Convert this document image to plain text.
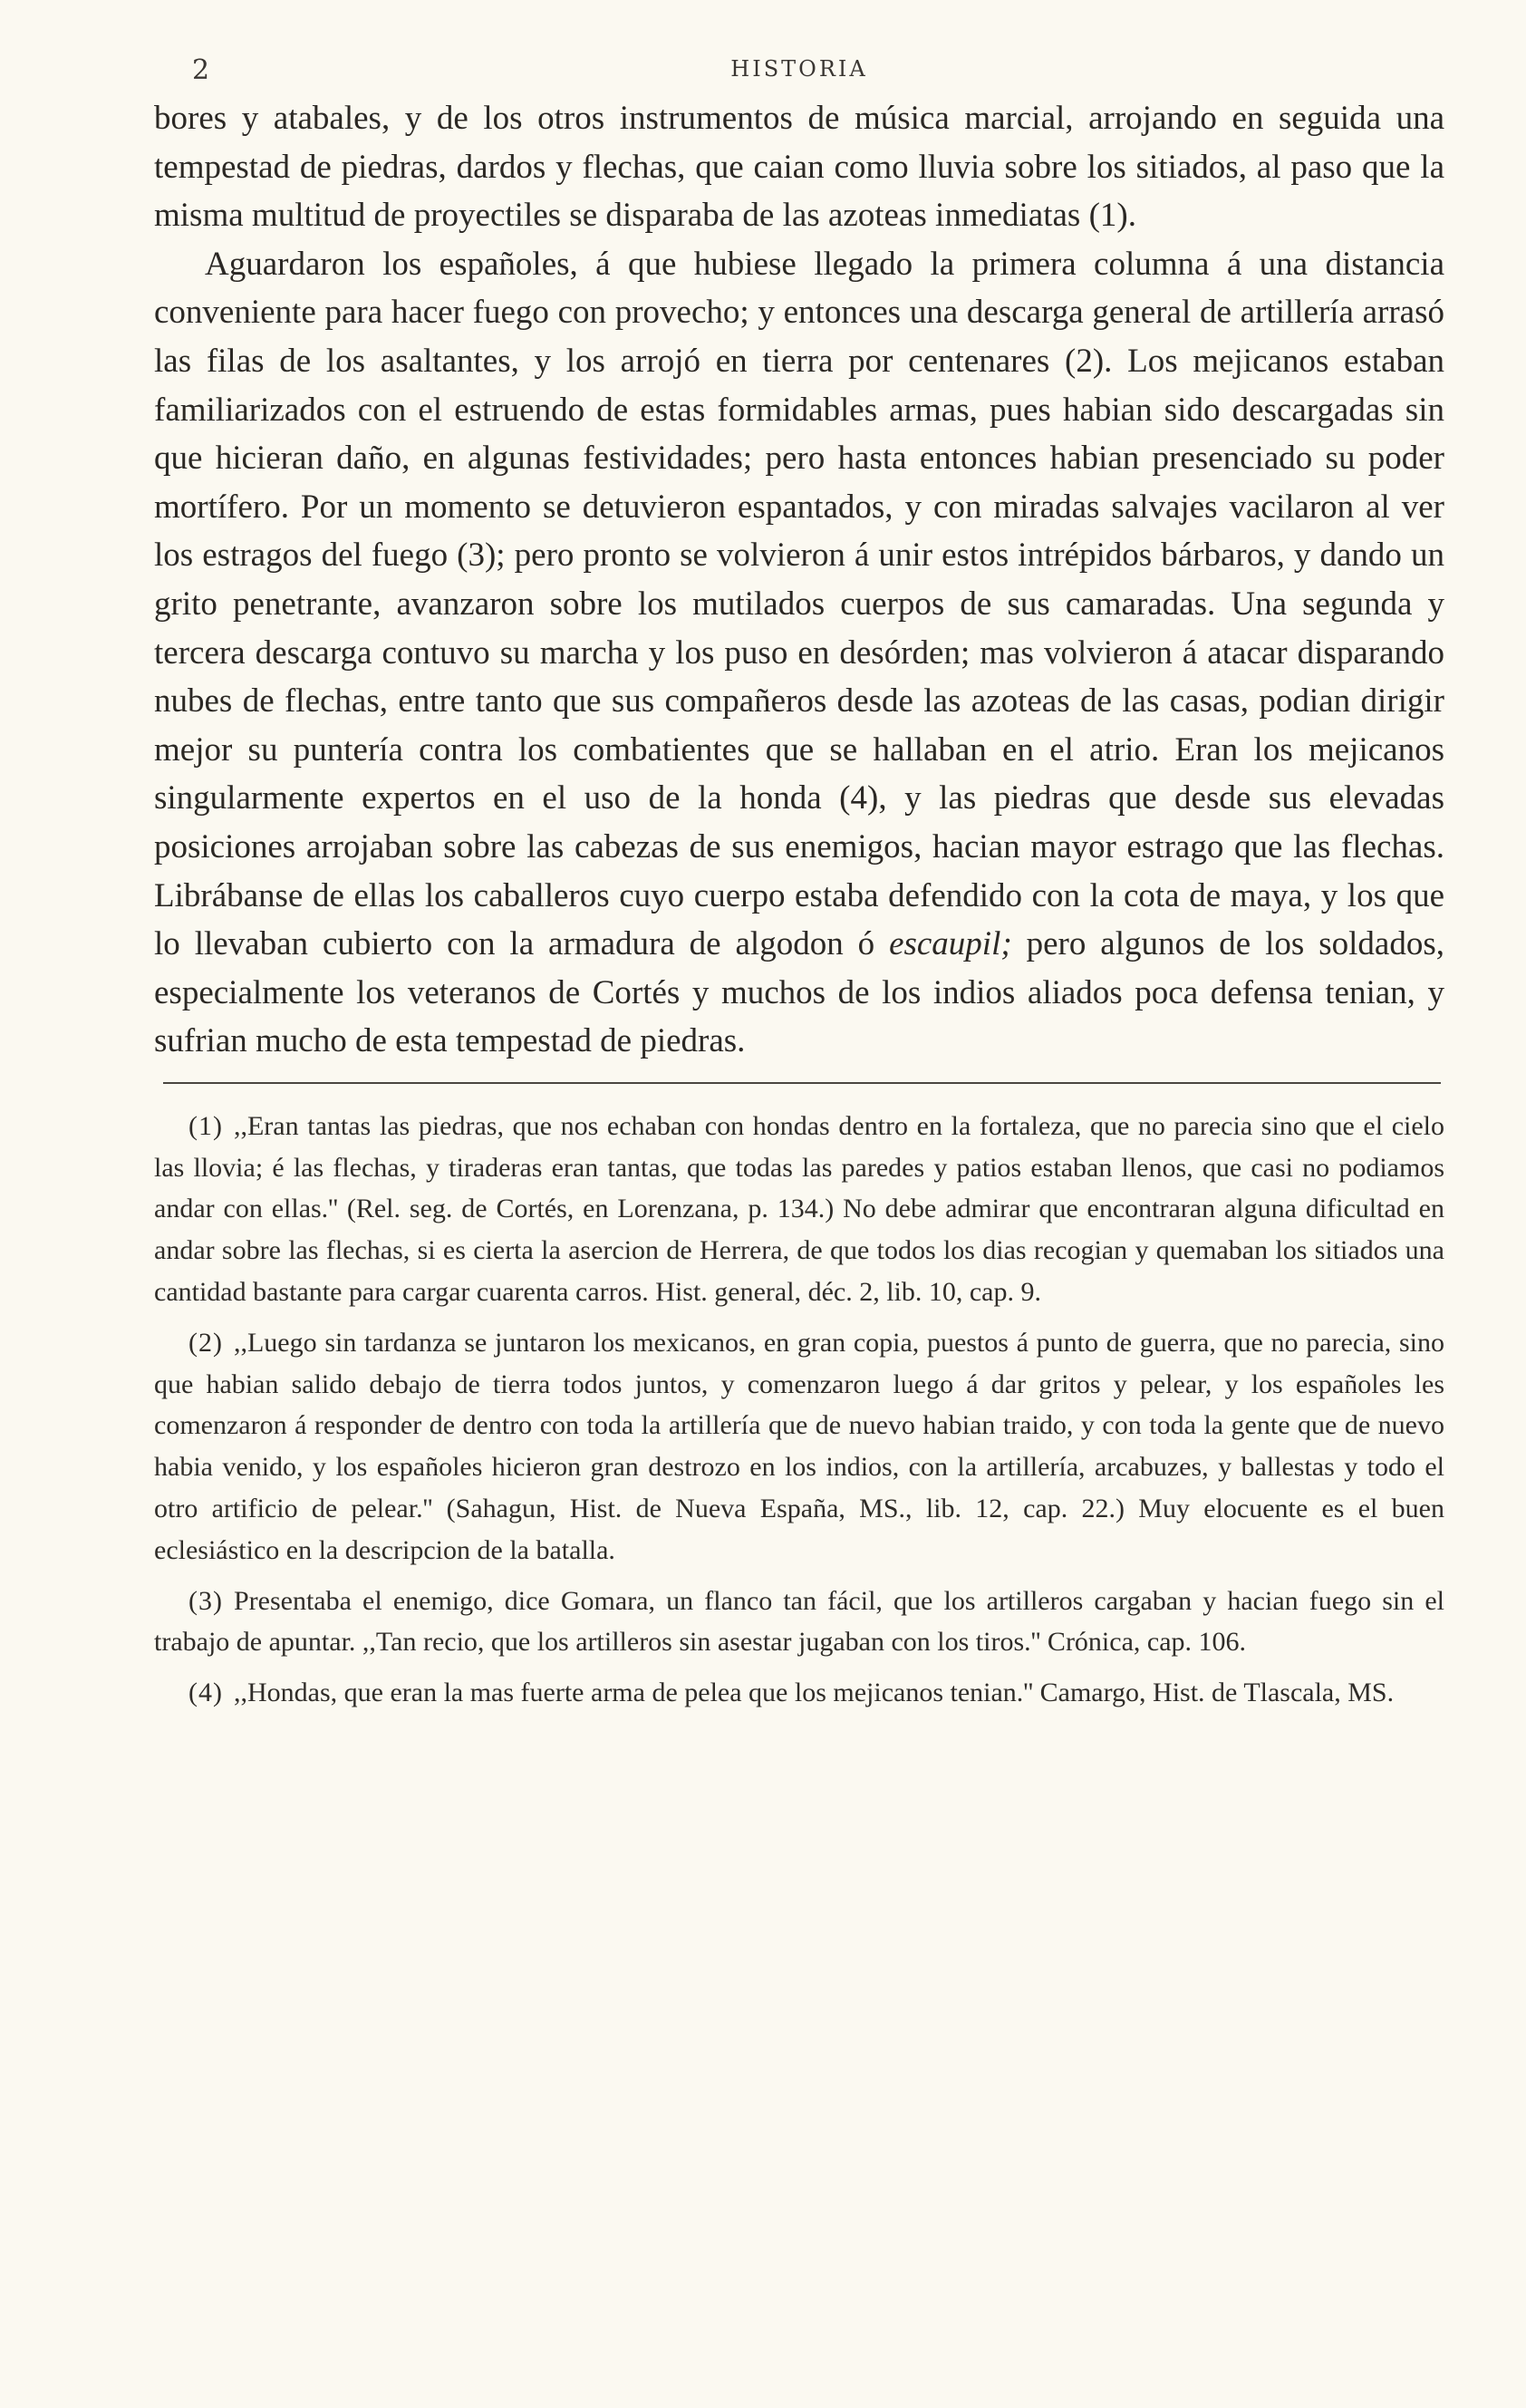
2	HISTORIA

bores y atabales, y de los otros instrumentos de música marcial, arrojando en seguida una tempestad de piedras, dardos y flechas, que caian como lluvia sobre los sitiados, al paso que la misma multitud de proyectiles se disparaba de las azoteas inmediatas (1).

Aguardaron los españoles, á que hubiese llegado la primera columna á una distancia conveniente para hacer fuego con provecho; y entonces una descarga general de artillería arrasó las filas de los asaltantes, y los arrojó en tierra por centenares (2). Los mejicanos estaban familiarizados con el estruendo de estas formidables armas, pues habian sido descargadas sin que hicieran daño, en algunas festividades; pero hasta entonces habian presenciado su poder mortífero. Por un momento se detuvieron espantados, y con miradas salvajes vacilaron al ver los estragos del fuego (3); pero pronto se volvieron á unir estos intrépidos bárbaros, y dando un grito penetrante, avanzaron sobre los mutilados cuerpos de sus camaradas. Una segunda y tercera descarga contuvo su marcha y los puso en desórden; mas volvieron á atacar disparando nubes de flechas, entre tanto que sus compañeros desde las azoteas de las casas, podian dirigir mejor su puntería contra los combatientes que se hallaban en el atrio. Eran los mejicanos singularmente expertos en el uso de la honda (4), y las piedras que desde sus elevadas posiciones arrojaban sobre las cabezas de sus enemigos, hacian mayor estrago que las flechas. Librábanse de ellas los caballeros cuyo cuerpo estaba defendido con la cota de maya, y los que lo llevaban cubierto con la armadura de algodon ó escaupil; pero algunos de los soldados, especialmente los veteranos de Cortés y muchos de los indios aliados poca defensa tenian, y sufrian mucho de esta tempestad de piedras.

(1) ,,Eran tantas las piedras, que nos echaban con hondas dentro en la fortaleza, que no parecia sino que el cielo las llovia; é las flechas, y tiraderas eran tantas, que todas las paredes y patios estaban llenos, que casi no podiamos andar con ellas.'' (Rel. seg. de Cortés, en Lorenzana, p. 134.) No debe admirar que encontraran alguna dificultad en andar sobre las flechas, si es cierta la asercion de Herrera, de que todos los dias recogian y quemaban los sitiados una cantidad bastante para cargar cuarenta carros. Hist. general, déc. 2, lib. 10, cap. 9.

(2) ,,Luego sin tardanza se juntaron los mexicanos, en gran copia, puestos á punto de guerra, que no parecia, sino que habian salido debajo de tierra todos juntos, y comenzaron luego á dar gritos y pelear, y los españoles les comenzaron á responder de dentro con toda la artillería que de nuevo habian traido, y con toda la gente que de nuevo habia venido, y los españoles hicieron gran destrozo en los indios, con la artillería, arcabuzes, y ballestas y todo el otro artificio de pelear.'' (Sahagun, Hist. de Nueva España, MS., lib. 12, cap. 22.) Muy elocuente es el buen eclesiástico en la descripcion de la batalla.

(3) Presentaba el enemigo, dice Gomara, un flanco tan fácil, que los artilleros cargaban y hacian fuego sin el trabajo de apuntar. ,,Tan recio, que los artilleros sin asestar jugaban con los tiros.'' Crónica, cap. 106.

(4) ,,Hondas, que eran la mas fuerte arma de pelea que los mejicanos tenian.'' Camargo, Hist. de Tlascala, MS.
